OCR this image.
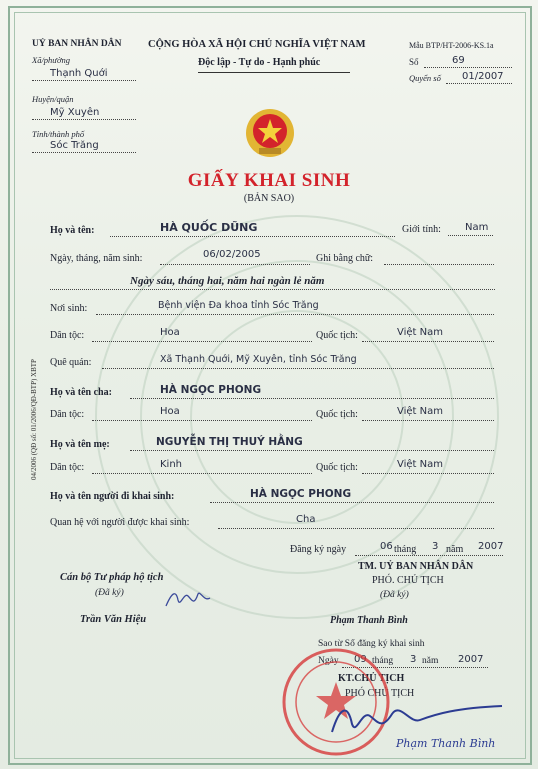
UỶ BAN NHÂN DÂN
Xã/phường
Thạnh Quới
Huyện/quận
Mỹ Xuyên
Tỉnh/thành phố
Sóc Trăng
CỘNG HÒA XÃ HỘI CHỦ NGHĨA VIỆT NAM
Độc lập - Tự do - Hạnh phúc
Mẫu BTP/HT-2006-KS.1a
Số	69
Quyển số 01/2007
GIẤY KHAI SINH
(BẢN SAO)
04/2006 (QĐ số: 01/2006/QĐ-BTP) XBTP
Họ và tên:	HÀ QUỐC DŨNG	Giới tính: Nam
Ngày, tháng, năm sinh:	06/02/2005	Ghi bằng chữ:
Ngày sáu, tháng hai, năm hai ngàn lẻ năm
Nơi sinh:	Bệnh viện Đa khoa tỉnh Sóc Trăng
Dân tộc:	Hoa	Quốc tịch:	Việt Nam
Quê quán:	Xã Thạnh Quới, Mỹ Xuyên, tỉnh Sóc Trăng
Họ và tên cha:	HÀ NGỌC PHONG
Dân tộc:	Hoa	Quốc tịch:	Việt Nam
Họ và tên mẹ:	NGUYỄN THỊ THUÝ HẰNG
Dân tộc:	Kinh	Quốc tịch:	Việt Nam
Họ và tên người đi khai sinh:	HÀ NGỌC PHONG
Quan hệ với người được khai sinh:	Cha
Đăng ký ngày	06 tháng 3 năm 2007
Cán bộ Tư pháp hộ tịch
(Đã ký)
Trần Văn Hiệu
TM. UỶ BAN NHÂN DÂN
PHÓ. CHỦ TỊCH
(Đã ký)
Phạm Thanh Bình
Sao từ Sổ đăng ký khai sinh
Ngày 09 tháng 3 năm 2007
KT.CHỦ TỊCH
PHÓ CHỦ TỊCH
Phạm Thanh Bình
